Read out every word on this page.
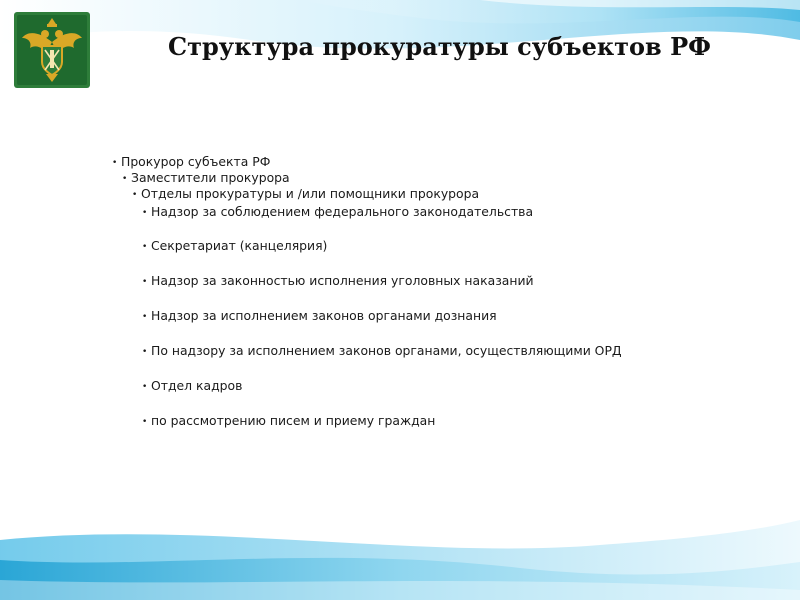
Структура прокуратуры субъектов РФ
• Прокурор субъекта РФ
• Заместители прокурора
• Отделы прокуратуры и /или помощники прокурора
• Надзор за соблюдением федерального законодательства
• Секретариат (канцелярия)
• Надзор за законностью исполнения уголовных наказаний
• Надзор за исполнением законов органами дознания
• По надзору за исполнением законов органами, осуществляющими ОРД
• Отдел кадров
• по рассмотрению писем и приему граждан
